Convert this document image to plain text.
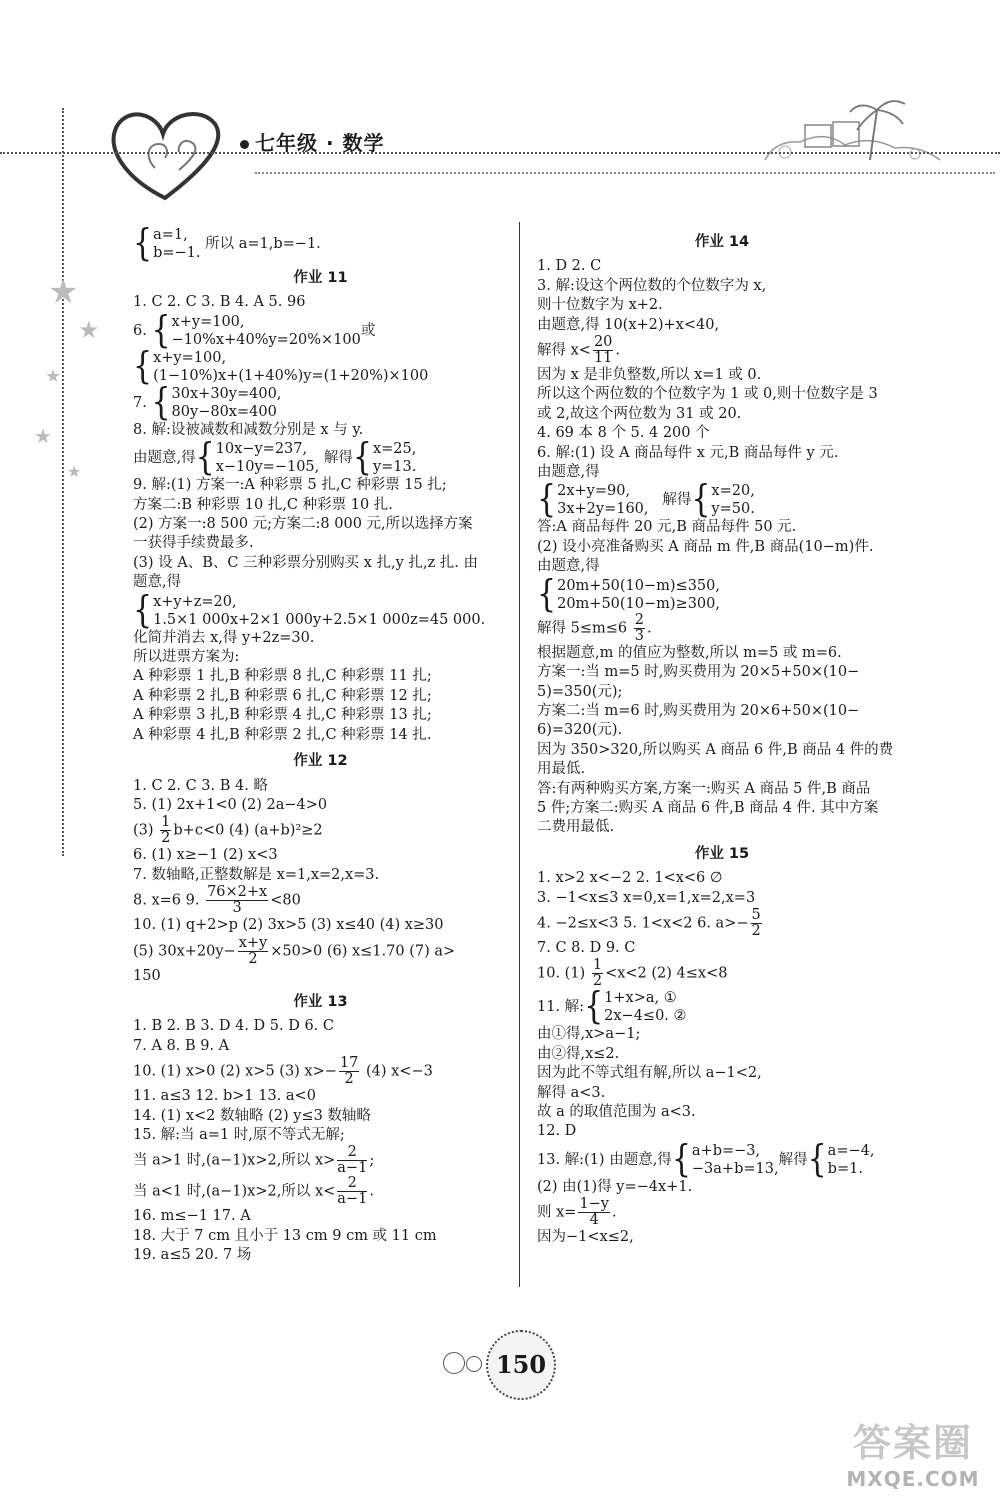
七年级 · 数学
★
★
★
★
★
{a=1,
b=−1. 所以 a=1,b=−1.
作业 11
1. C 2. C 3. B 4. A 5. 96
6. {x+y=100,
−10%x+40%y=20%×100或
{x+y=100,
(1−10%)x+(1+40%)y=(1+20%)×100
7. {30x+30y=400,
80y−80x=400
8. 解:设被减数和减数分别是 x 与 y.
由题意,得{10x−y=237,
x−10y=−105, 解得{x=25,
y=13.
9. 解:(1) 方案一:A 种彩票 5 扎,C 种彩票 15 扎;
方案二:B 种彩票 10 扎,C 种彩票 10 扎.
(2) 方案一:8 500 元;方案二:8 000 元,所以选择方案
一获得手续费最多.
(3) 设 A、B、C 三种彩票分别购买 x 扎,y 扎,z 扎. 由
题意,得
{x+y+z=20,
1.5×1 000x+2×1 000y+2.5×1 000z=45 000.
化简并消去 x,得 y+2z=30.
所以进票方案为:
A 种彩票 1 扎,B 种彩票 8 扎,C 种彩票 11 扎;
A 种彩票 2 扎,B 种彩票 6 扎,C 种彩票 12 扎;
A 种彩票 3 扎,B 种彩票 4 扎,C 种彩票 13 扎;
A 种彩票 4 扎,B 种彩票 2 扎,C 种彩票 14 扎.
作业 12
1. C 2. C 3. B 4. 略
5. (1) 2x+1<0 (2) 2a−4>0
$(3) \frac{1}{2} b+c<0$ (4) (a+b)²≥2
6. (1) x≥−1 (2) x<3
7. 数轴略,正整数解是 x=1,x=2,x=3.
8. x=6 9. $\frac{76\times 2+x}{3} <80$
10. (1) q+2>p (2) 3x>5 (3) x≤40 (4) x≥30
(5) $30x+20y- \frac{x+y}{2} \times 50>0$ (6) x≤1.70 (7) a>
150
作业 13
1. B 2. B 3. D 4. D 5. D 6. C
7. A 8. B 9. A
10. (1) x>0 (2) x>5 (3) $x>- \frac{17}{2} (4)$ x<−3
11. a≤3 12. b>1 13. a<0
14. (1) x<2 数轴略 (2) y≤3 数轴略
15. 解:当 a=1 时,原不等式无解;
当 a>1 时,(a−1)x>2,所以 $x> \frac{2}{a-1}$ ;
当 a<1 时,(a−1)x>2,所以 $x< \frac{2}{a-1}$ .
16. m≤−1 17. A
18. 大于 7 cm 且小于 13 cm 9 cm 或 11 cm
19. a≤5 20. 7 场
作业 14
1. D 2. C
3. 解:设这个两位数的个位数字为 x,
则十位数字为 x+2.
由题意,得 10(x+2)+x<40,
解得 $x< \frac{20}{11}$ .
因为 x 是非负整数,所以 x=1 或 0.
所以这个两位数的个位数字为 1 或 0,则十位数字是 3
或 2,故这个两位数为 31 或 20.
4. 69 本 8 个 5. 4 200 个
6. 解:(1) 设 A 商品每件 x 元,B 商品每件 y 元.
由题意,得
{2x+y=90,
3x+2y=160,   解得{x=20,
y=50.
答:A 商品每件 20 元,B 商品每件 50 元.
(2) 设小亮准备购买 A 商品 m 件,B 商品(10−m)件.
由题意,得
{20m+50(10−m)≤350,
20m+50(10−m)≥300,
解得 $5\le m\le 6 \frac{2}{3}$ .
根据题意,m 的值应为整数,所以 m=5 或 m=6.
方案一:当 m=5 时,购买费用为 20×5+50×(10−
5)=350(元);
方案二:当 m=6 时,购买费用为 20×6+50×(10−
6)=320(元).
因为 350>320,所以购买 A 商品 6 件,B 商品 4 件的费
用最低.
答:有两种购买方案,方案一:购买 A 商品 5 件,B 商品
5 件;方案二:购买 A 商品 6 件,B 商品 4 件. 其中方案
二费用最低.
作业 15
1. x>2 x<−2 2. 1<x<6 ∅
3. −1<x≤3 x=0,x=1,x=2,x=3
4. −2≤x<3 5. 1<x<2 6. $a>- \frac{5}{2}$
7. C 8. D 9. C
10. $(1) \frac{1}{2} <x<2$ (2) 4≤x<8
11. 解:{1+x>a, ①
2x−4≤0. ②
由①得,x>a−1;
由②得,x≤2.
因为此不等式组有解,所以 a−1<2,
解得 a<3.
故 a 的取值范围为 a<3.
12. D
13. 解:(1) 由题意,得{a+b=−3,
−3a+b=13,解得{a=−4,
b=1.
(2) 由(1)得 y=−4x+1.
则 $x= \frac{1-y}{4}$ .
因为−1<x≤2,
150
答案圈
MXQE.COM
